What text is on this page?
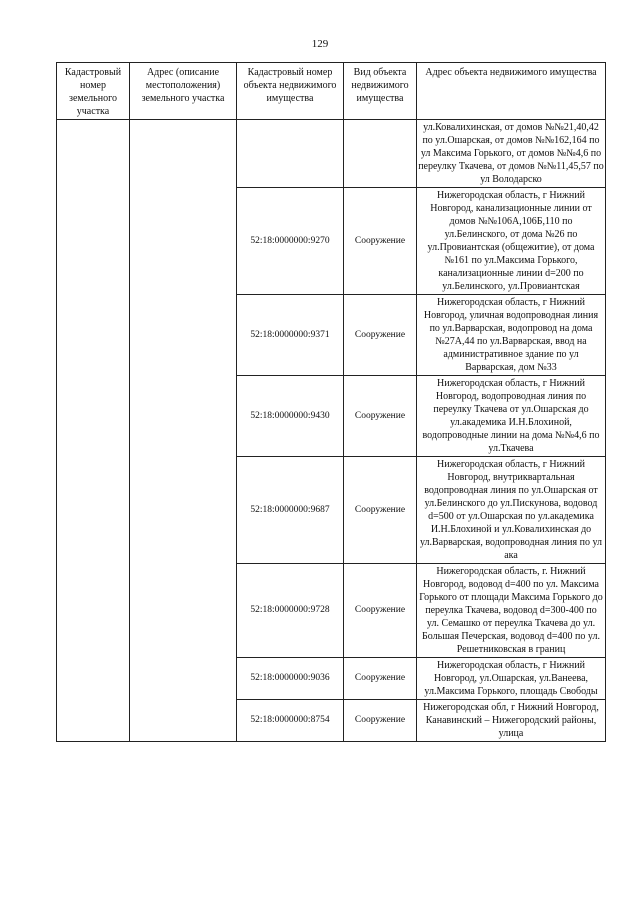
129
Кадастровый номер земельного участка	Адрес (описание местоположения) земельного участка	Кадастровый номер объекта недвижимого имущества	Вид объекта недвижимого имущества	Адрес объекта недвижимого имущества
				ул.Ковалихинская, от домов №№21,40,42 по ул.Ошарская, от домов №№162,164 по ул Максима Горького, от домов №№4,6 по переулку Ткачева, от домов №№11,45,57 по ул Володарско
		52:18:0000000:9270	Сооружение	Нижегородская область, г Нижний Новгород, канализационные линии от домов №№106А,106Б,110 по ул.Белинского, от дома №26 по ул.Провиантская (общежитие), от дома №161 по ул.Максима Горького, канализационные линии d=200 по ул.Белинского, ул.Провиантская
		52:18:0000000:9371	Сооружение	Нижегородская область, г Нижний Новгород, уличная водопроводная линия по ул.Варварская, водопровод на дома №27А,44 по ул.Варварская, ввод на административное здание по ул Варварская, дом №33
		52:18:0000000:9430	Сооружение	Нижегородская область, г Нижний Новгород, водопроводная линия по переулку Ткачева от ул.Ошарская до ул.академика И.Н.Блохиной, водопроводные линии на дома №№4,6 по ул.Ткачева
		52:18:0000000:9687	Сооружение	Нижегородская область, г Нижний Новгород, внутриквартальная водопроводная линия по ул.Ошарская от ул.Белинского до ул.Пискунова, водовод d=500 от ул.Ошарская по ул.академика И.Н.Блохиной и ул.Ковалихинская до ул.Варварская, водопроводная линия по ул ака
		52:18:0000000:9728	Сооружение	Нижегородская область, г. Нижний Новгород, водовод d=400 по ул. Максима Горького от площади Максима Горького до переулка Ткачева, водовод d=300-400 по ул. Семашко от переулка Ткачева до ул. Большая Печерская, водовод d=400 по ул. Решетниковская в границ
		52:18:0000000:9036	Сооружение	Нижегородская область, г Нижний Новгород, ул.Ошарская, ул.Ванеева, ул.Максима Горького, площадь Свободы
		52:18:0000000:8754	Сооружение	Нижегородская обл, г Нижний Новгород, Канавинский – Нижегородский районы, улица
